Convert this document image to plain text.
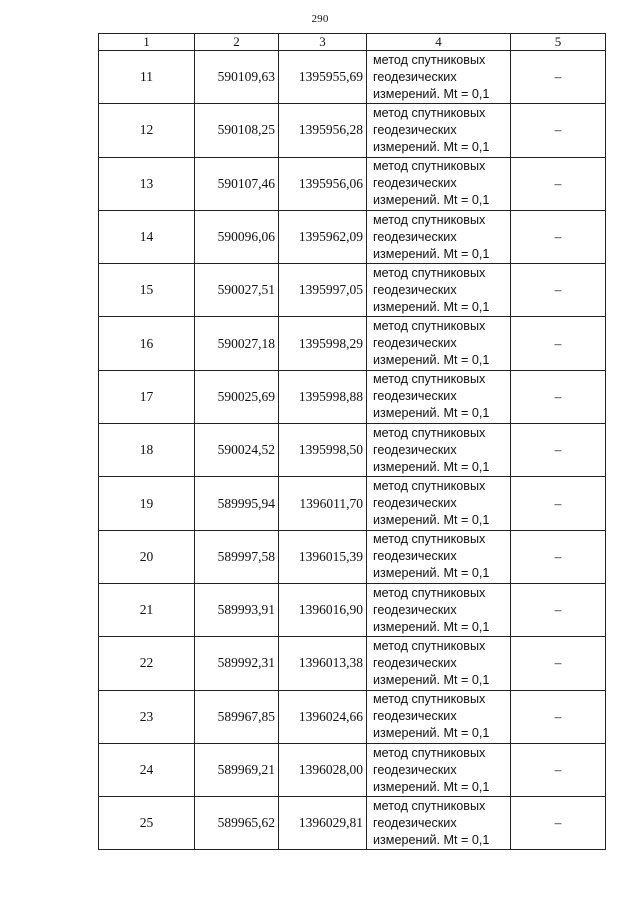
290
1	2	3	4	5
11	590109,63	1395955,69	метод спутниковых
геодезических
измерений. Mt = 0,1	–
12	590108,25	1395956,28	метод спутниковых
геодезических
измерений. Mt = 0,1	–
13	590107,46	1395956,06	метод спутниковых
геодезических
измерений. Mt = 0,1	–
14	590096,06	1395962,09	метод спутниковых
геодезических
измерений. Mt = 0,1	–
15	590027,51	1395997,05	метод спутниковых
геодезических
измерений. Mt = 0,1	–
16	590027,18	1395998,29	метод спутниковых
геодезических
измерений. Mt = 0,1	–
17	590025,69	1395998,88	метод спутниковых
геодезических
измерений. Mt = 0,1	–
18	590024,52	1395998,50	метод спутниковых
геодезических
измерений. Mt = 0,1	–
19	589995,94	1396011,70	метод спутниковых
геодезических
измерений. Mt = 0,1	–
20	589997,58	1396015,39	метод спутниковых
геодезических
измерений. Mt = 0,1	–
21	589993,91	1396016,90	метод спутниковых
геодезических
измерений. Mt = 0,1	–
22	589992,31	1396013,38	метод спутниковых
геодезических
измерений. Mt = 0,1	–
23	589967,85	1396024,66	метод спутниковых
геодезических
измерений. Mt = 0,1	–
24	589969,21	1396028,00	метод спутниковых
геодезических
измерений. Mt = 0,1	–
25	589965,62	1396029,81	метод спутниковых
геодезических
измерений. Mt = 0,1	–
